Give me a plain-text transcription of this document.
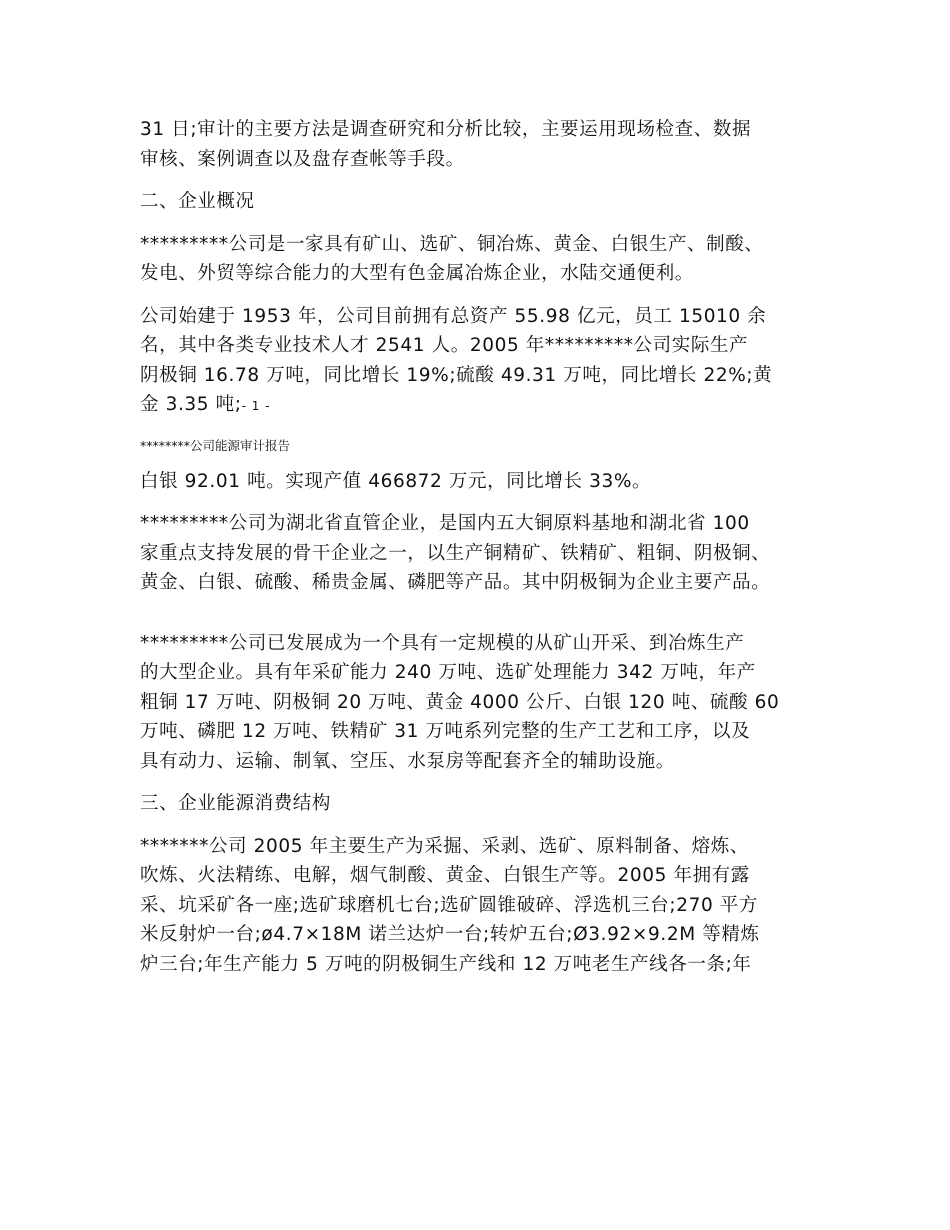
31 日;审计的主要方法是调查研究和分析比较，主要运用现场检查、数据
审核、案例调查以及盘存查帐等手段。
二、企业概况
*********公司是一家具有矿山、选矿、铜冶炼、黄金、白银生产、制酸、
发电、外贸等综合能力的大型有色金属冶炼企业，水陆交通便利。
公司始建于 1953 年，公司目前拥有总资产 55.98 亿元，员工 15010 余
名，其中各类专业技术人才 2541 人。2005 年*********公司实际生产
阴极铜 16.78 万吨，同比增长 19%;硫酸 49.31 万吨，同比增长 22%;黄
金 3.35 吨;- 1 -
********公司能源审计报告
白银 92.01 吨。实现产值 466872 万元，同比增长 33%。
*********公司为湖北省直管企业，是国内五大铜原料基地和湖北省 100
家重点支持发展的骨干企业之一，以生产铜精矿、铁精矿、粗铜、阴极铜、
黄金、白银、硫酸、稀贵金属、磷肥等产品。其中阴极铜为企业主要产品。
*********公司已发展成为一个具有一定规模的从矿山开采、到冶炼生产
的大型企业。具有年采矿能力 240 万吨、选矿处理能力 342 万吨，年产
粗铜 17 万吨、阴极铜 20 万吨、黄金 4000 公斤、白银 120 吨、硫酸 60
万吨、磷肥 12 万吨、铁精矿 31 万吨系列完整的生产工艺和工序，以及
具有动力、运输、制氧、空压、水泵房等配套齐全的辅助设施。
三、企业能源消费结构
*******公司 2005 年主要生产为采掘、采剥、选矿、原料制备、熔炼、
吹炼、火法精练、电解，烟气制酸、黄金、白银生产等。2005 年拥有露
采、坑采矿各一座;选矿球磨机七台;选矿圆锥破碎、浮选机三台;270 平方
米反射炉一台;ø4.7×18M 诺兰达炉一台;转炉五台;Ø3.92×9.2M 等精炼
炉三台;年生产能力 5 万吨的阴极铜生产线和 12 万吨老生产线各一条;年
